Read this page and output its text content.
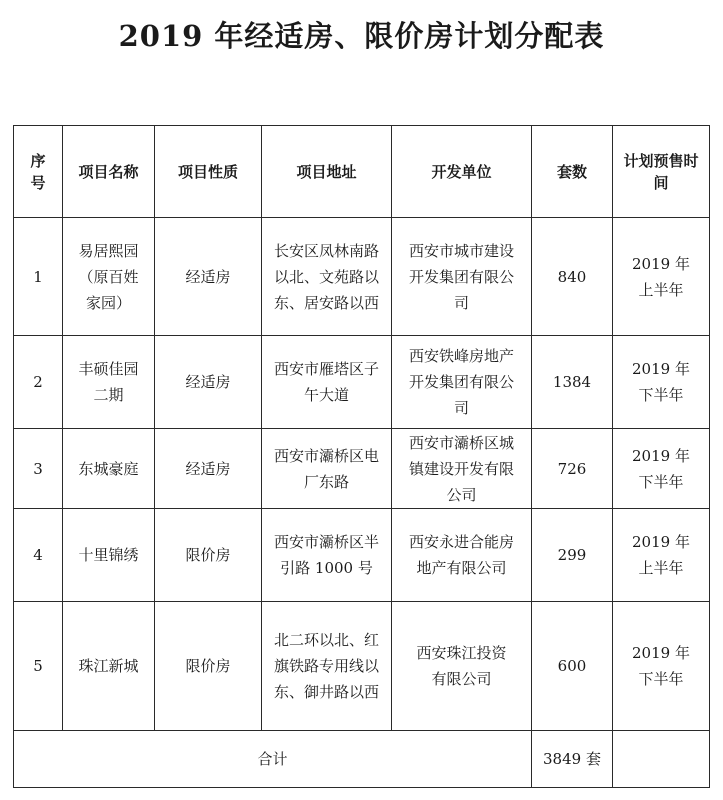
2019 年经适房、限价房计划分配表
序号	项目名称	项目性质	项目地址	开发单位	套数	计划预售时间

1	易居熙园（原百姓家园）	经适房	长安区凤林南路以北、文苑路以东、居安路以西	西安市城市建设开发集团有限公司	840	2019 年上半年

2	丰硕佳园二期	经适房	西安市雁塔区子午大道	西安铁峰房地产开发集团有限公司	1384	2019 年下半年

3	东城豪庭	经适房	西安市灞桥区电厂东路	西安市灞桥区城镇建设开发有限公司	726	2019 年下半年

4	十里锦绣	限价房	西安市灞桥区半引路 1000 号	西安永进合能房地产有限公司	299	2019 年上半年

5	珠江新城	限价房	北二环以北、红旗铁路专用线以东、御井路以西	西安珠江投资有限公司	600	2019 年下半年

合计					3849 套	
